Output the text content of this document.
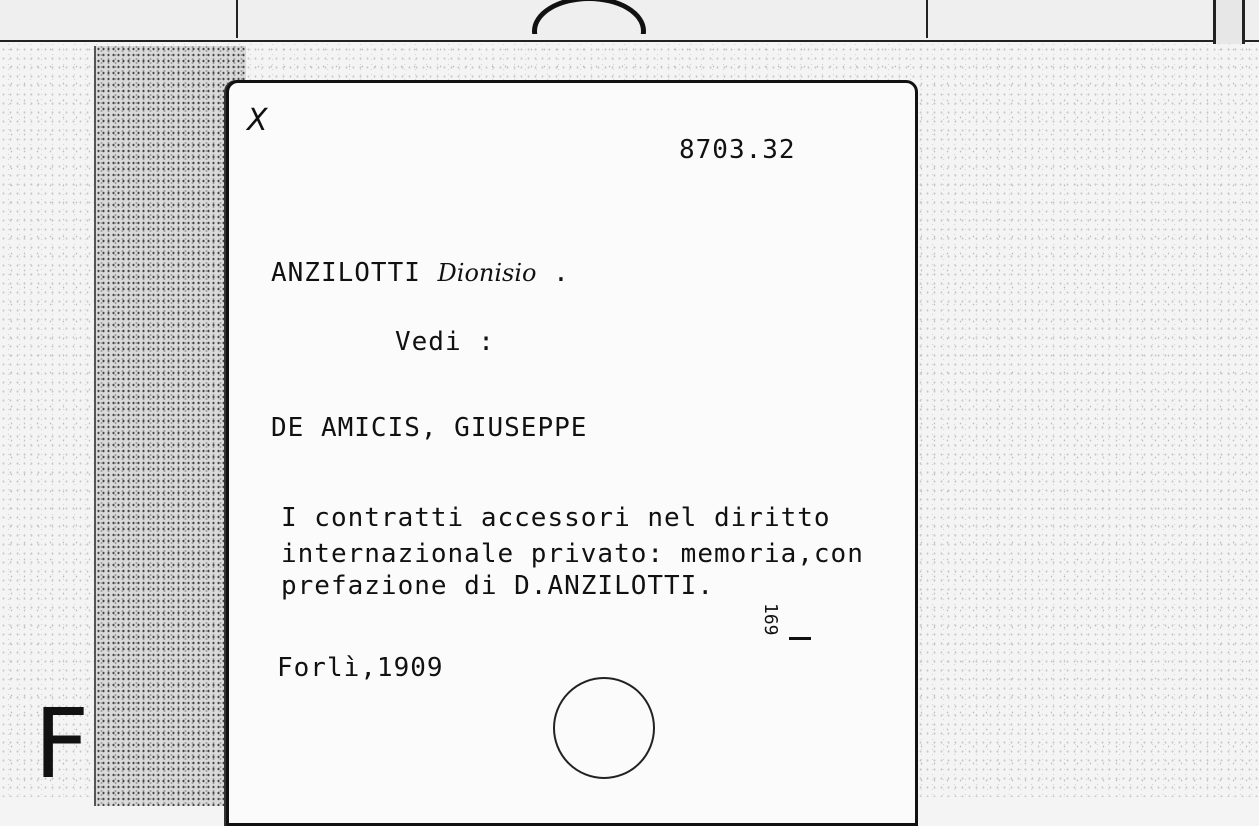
X
8703.32
ANZILOTTI Dionisio .
Vedi :
DE AMICIS, GIUSEPPE
I contratti accessori nel diritto
internazionale privato: memoria,con
prefazione di D.ANZILOTTI.
169
Forlì,1909
F
